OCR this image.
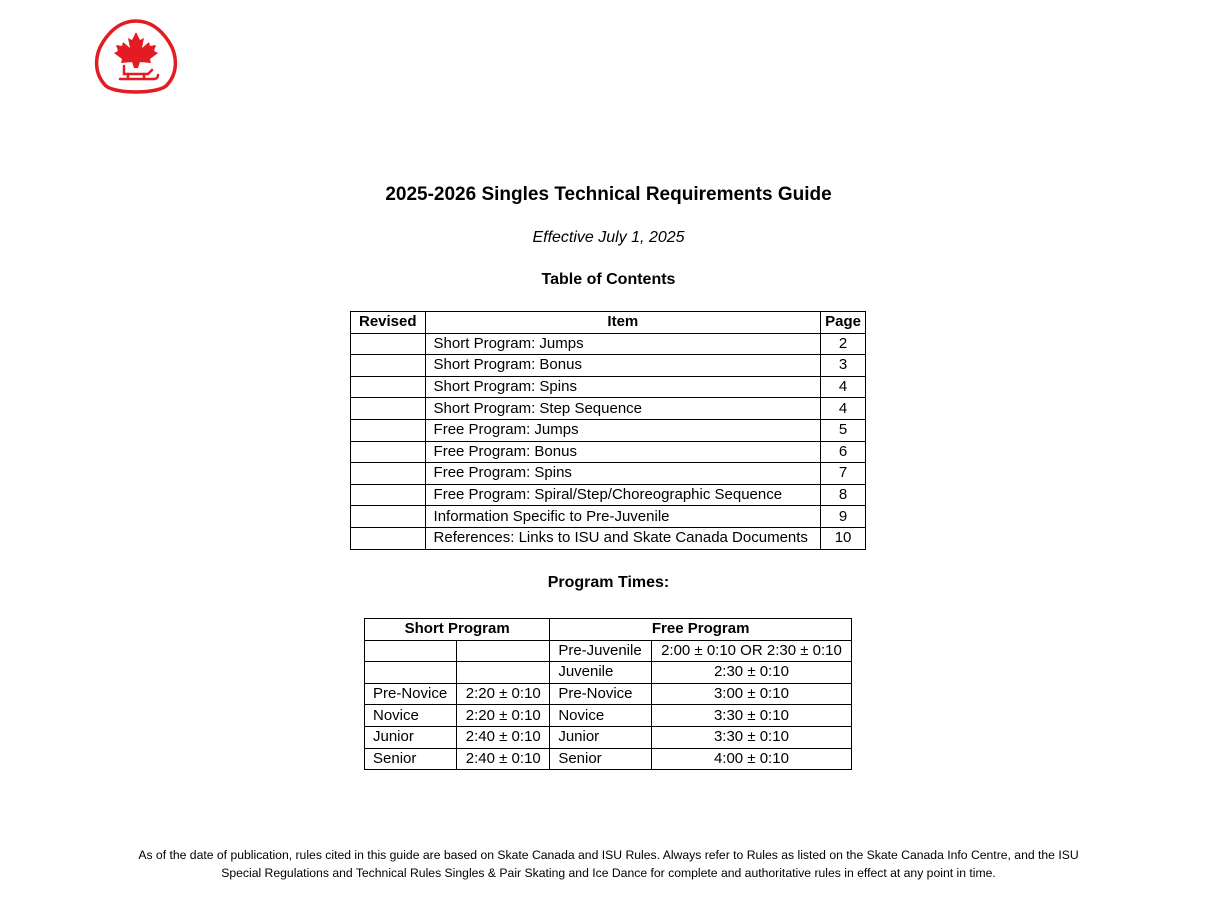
2025-2026 Singles Technical Requirements Guide
Effective July 1, 2025
Table of Contents
Revised	Item	Page
	Short Program: Jumps	2
	Short Program: Bonus	3
	Short Program: Spins	4
	Short Program: Step Sequence	4
	Free Program: Jumps	5
	Free Program: Bonus	6
	Free Program: Spins	7
	Free Program: Spiral/Step/Choreographic Sequence	8
	Information Specific to Pre-Juvenile	9
	References: Links to ISU and Skate Canada Documents	10
Program Times:
Short Program		Free Program	
		Pre-Juvenile	2:00 ± 0:10 OR 2:30 ± 0:10
		Juvenile	2:30 ± 0:10
Pre-Novice	2:20 ± 0:10	Pre-Novice	3:00 ± 0:10
Novice	2:20 ± 0:10	Novice	3:30 ± 0:10
Junior	2:40 ± 0:10	Junior	3:30 ± 0:10
Senior	2:40 ± 0:10	Senior	4:00 ± 0:10
As of the date of publication, rules cited in this guide are based on Skate Canada and ISU Rules. Always refer to Rules as listed on the Skate Canada Info Centre, and the ISU
Special Regulations and Technical Rules Singles & Pair Skating and Ice Dance for complete and authoritative rules in effect at any point in time.
